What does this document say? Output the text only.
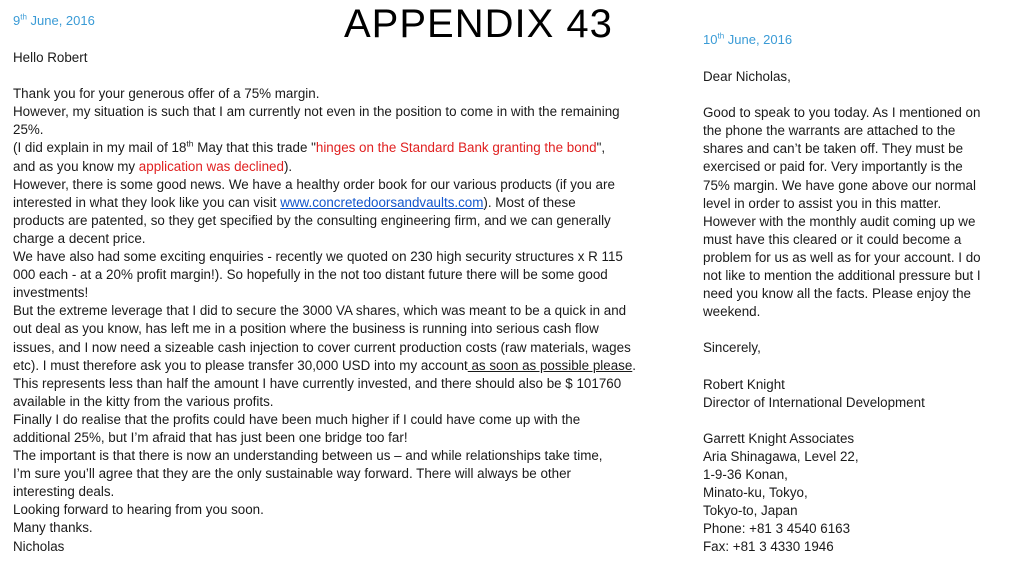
APPENDIX 43
9th June, 2016
Hello Robert
Thank you for your generous offer of a 75% margin.
However, my situation is such that I am currently not even in the position to come in with the remaining
25%.
(I did explain in my mail of 18th May that this trade "hinges on the Standard Bank granting the bond",
and as you know my application was declined).
However, there is some good news. We have a healthy order book for our various products (if you are
interested in what they look like you can visit www.concretedoorsandvaults.com). Most of these
products are patented, so they get specified by the consulting engineering firm, and we can generally
charge a decent price.
We have also had some exciting enquiries - recently we quoted on 230 high security structures x R 115
000 each - at a 20% profit margin!). So hopefully in the not too distant future there will be some good
investments!
But the extreme leverage that I did to secure the 3000 VA shares, which was meant to be a quick in and
out deal as you know, has left me in a position where the business is running into serious cash flow
issues, and I now need a sizeable cash injection to cover current production costs (raw materials, wages
etc). I must therefore ask you to please transfer 30,000 USD into my account as soon as possible please.
This represents less than half the amount I have currently invested, and there should also be $ 101760
available in the kitty from the various profits.
Finally I do realise that the profits could have been much higher if I could have come up with the
additional 25%, but I’m afraid that has just been one bridge too far!
The important is that there is now an understanding between us – and while relationships take time,
I’m sure you’ll agree that they are the only sustainable way forward. There will always be other
interesting deals.
Looking forward to hearing from you soon.
Many thanks.
Nicholas
10th June, 2016
Dear Nicholas,
Good to speak to you today. As I mentioned on
the phone the warrants are attached to the
shares and can’t be taken off. They must be
exercised or paid for. Very importantly is the
75% margin. We have gone above our normal
level in order to assist you in this matter.
However with the monthly audit coming up we
must have this cleared or it could become a
problem for us as well as for your account. I do
not like to mention the additional pressure but I
need you know all the facts. Please enjoy the
weekend.
Sincerely,
Robert Knight
Director of International Development
Garrett Knight Associates
Aria Shinagawa, Level 22,
1-9-36 Konan,
Minato-ku, Tokyo,
Tokyo-to, Japan
Phone: +81 3 4540 6163
Fax: +81 3 4330 1946
